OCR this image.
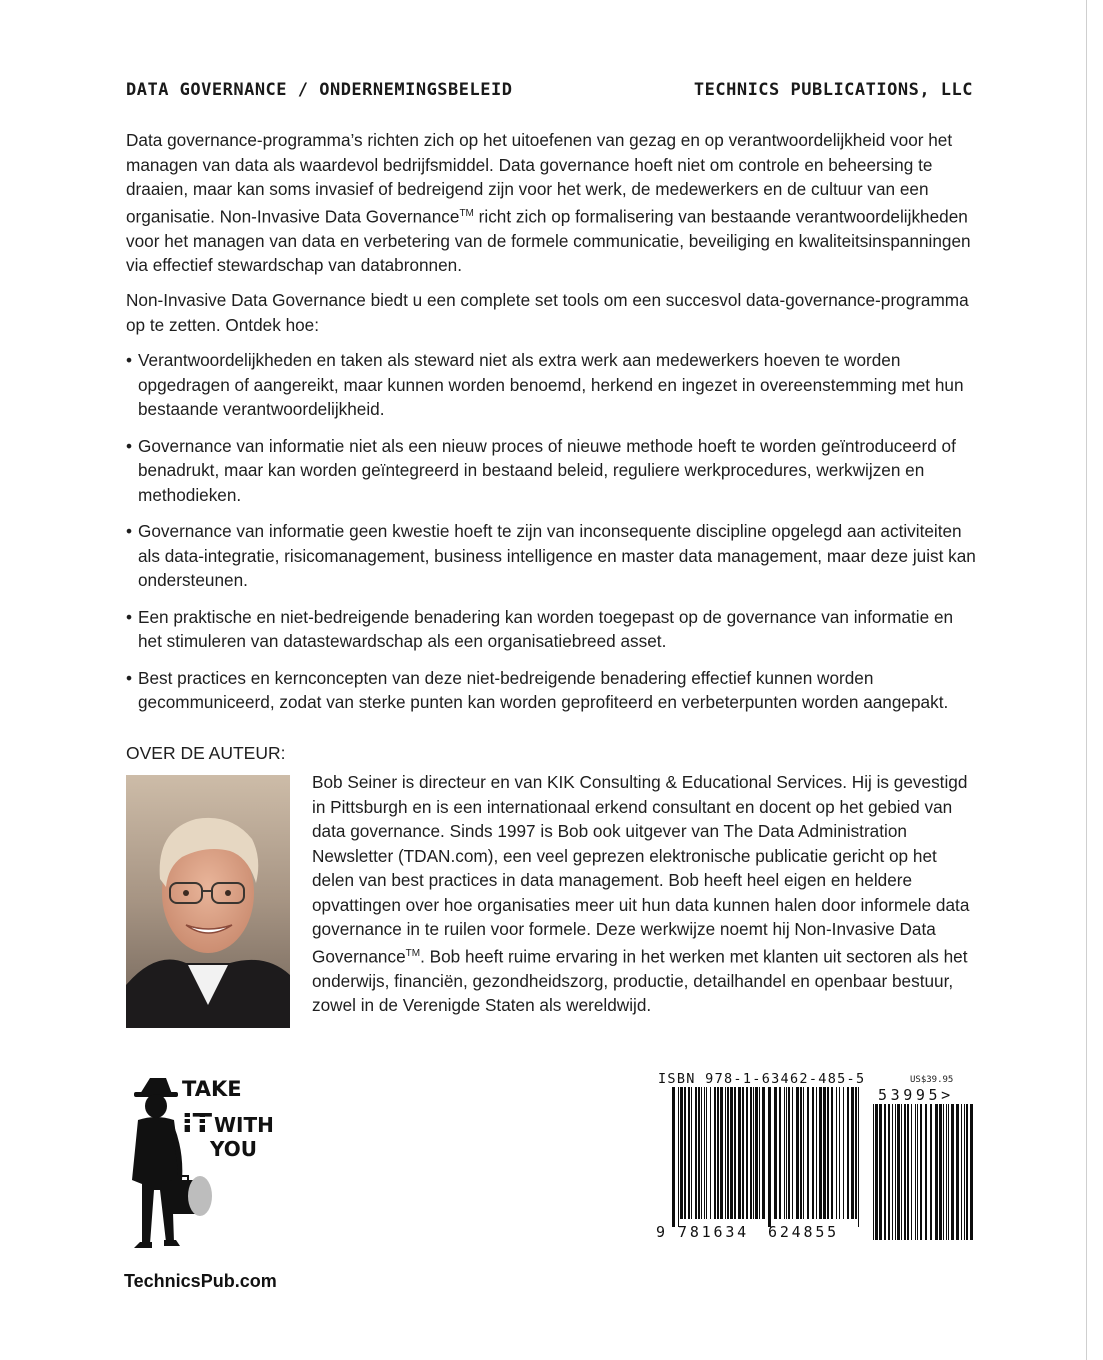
DATA GOVERNANCE / ONDERNEMINGSBELEID	TECHNICS PUBLICATIONS, LLC
Data governance-programma’s richten zich op het uitoefenen van gezag en op verantwoordelijkheid voor het managen van data als waardevol bedrijfsmiddel. Data governance hoeft niet om controle en beheersing te draaien, maar kan soms invasief of bedreigend zijn voor het werk, de medewerkers en de cultuur van een organisatie. Non-Invasive Data Governance™ richt zich op formalisering van bestaande verantwoordelijkheden voor het managen van data en verbetering van de formele communicatie, beveiliging en kwaliteitsinspanningen via effectief stewardschap van databronnen.
Non-Invasive Data Governance biedt u een complete set tools om een succesvol data-governance-programma op te zetten. Ontdek hoe:
• Verantwoordelijkheden en taken als steward niet als extra werk aan medewerkers hoeven te worden opgedragen of aangereikt, maar kunnen worden benoemd, herkend en ingezet in overeenstemming met hun bestaande verantwoordelijkheid.
• Governance van informatie niet als een nieuw proces of nieuwe methode hoeft te worden geïntroduceerd of benadrukt, maar kan worden geïntegreerd in bestaand beleid, reguliere werkprocedures, werkwijzen en methodieken.
• Governance van informatie geen kwestie hoeft te zijn van inconsequente discipline opgelegd aan activiteiten als data-integratie, risicomanagement, business intelligence en master data management, maar deze juist kan ondersteunen.
• Een praktische en niet-bedreigende benadering kan worden toegepast op de governance van informatie en het stimuleren van datastewardschap als een organisatiebreed asset.
• Best practices en kernconcepten van deze niet-bedreigende benadering effectief kunnen worden gecommuniceerd, zodat van sterke punten kan worden geprofiteerd en verbeterpunten worden aangepakt.
OVER DE AUTEUR:
Bob Seiner is directeur en van KIK Consulting & Educational Services. Hij is gevestigd in Pittsburgh en is een internationaal erkend consultant en docent op het gebied van data governance. Sinds 1997 is Bob ook uitgever van The Data Administration Newsletter (TDAN.com), een veel geprezen elektronische publicatie gericht op het delen van best practices in data management. Bob heeft heel eigen en heldere opvattingen over hoe organisaties meer uit hun data kunnen halen door informele data governance in te ruilen voor formele. Deze werkwijze noemt hij Non-Invasive Data Governance™. Bob heeft ruime ervaring in het werken met klanten uit sectoren als het onderwijs, financiën, gezondheidszorg, productie, detailhandel en openbaar bestuur, zowel in de Verenigde Staten als wereldwijd.
TAKE
IT WITH
YOU
TechnicsPub.com
ISBN 978-1-63462-485-5	US$39.95
53995>
9 781634 624855
